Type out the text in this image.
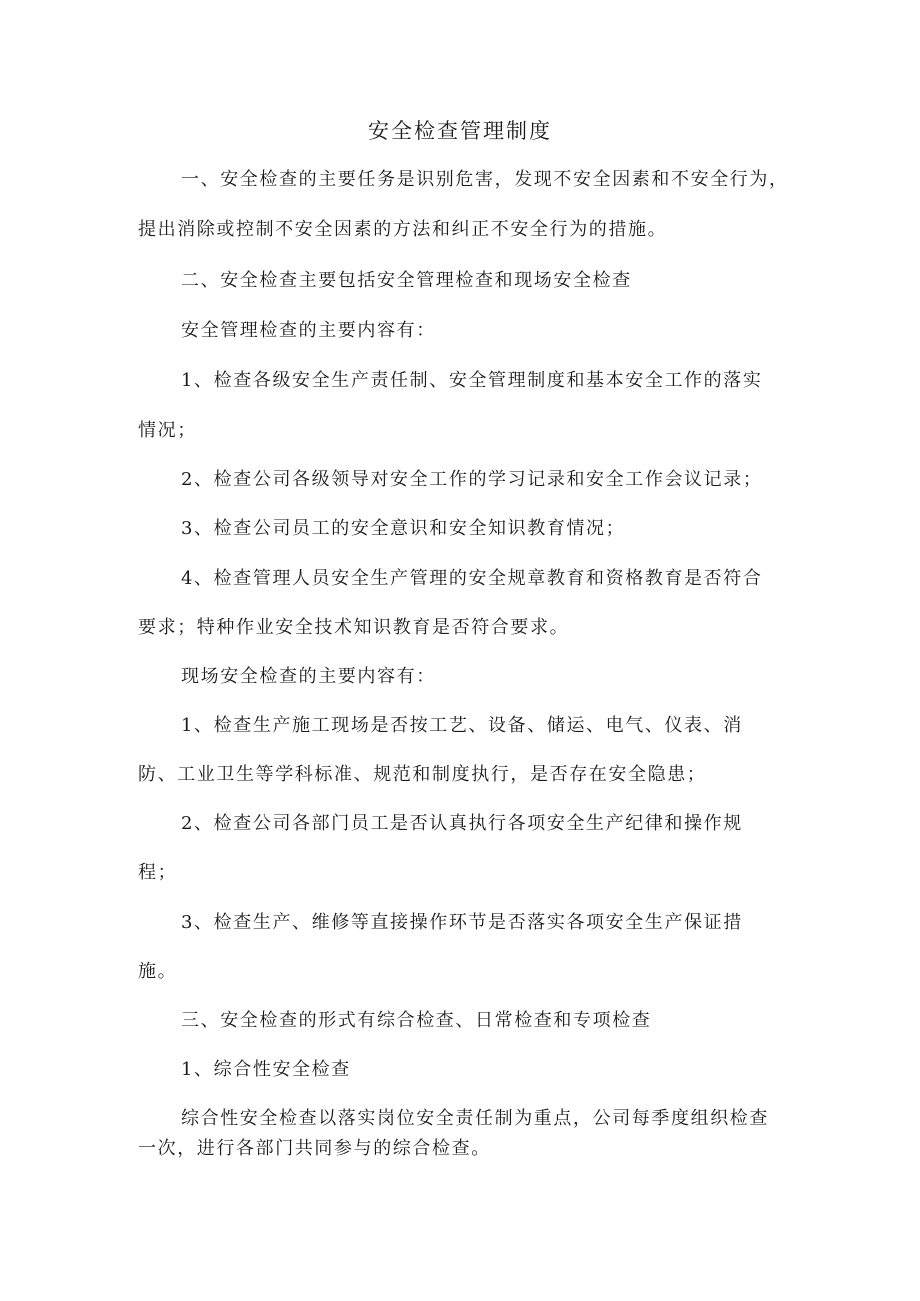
安全检查管理制度
一、安全检查的主要任务是识别危害，发现不安全因素和不安全行为，
提出消除或控制不安全因素的方法和纠正不安全行为的措施。
二、安全检查主要包括安全管理检查和现场安全检查
安全管理检查的主要内容有：
1、检查各级安全生产责任制、安全管理制度和基本安全工作的落实
情况；
2、检查公司各级领导对安全工作的学习记录和安全工作会议记录；
3、检查公司员工的安全意识和安全知识教育情况；
4、检查管理人员安全生产管理的安全规章教育和资格教育是否符合
要求；特种作业安全技术知识教育是否符合要求。
现场安全检查的主要内容有：
1、检查生产施工现场是否按工艺、设备、储运、电气、仪表、消
防、工业卫生等学科标准、规范和制度执行，是否存在安全隐患；
2、检查公司各部门员工是否认真执行各项安全生产纪律和操作规
程；
3、检查生产、维修等直接操作环节是否落实各项安全生产保证措
施。
三、安全检查的形式有综合检查、日常检查和专项检查
1、综合性安全检查
综合性安全检查以落实岗位安全责任制为重点，公司每季度组织检查
一次，进行各部门共同参与的综合检查。
